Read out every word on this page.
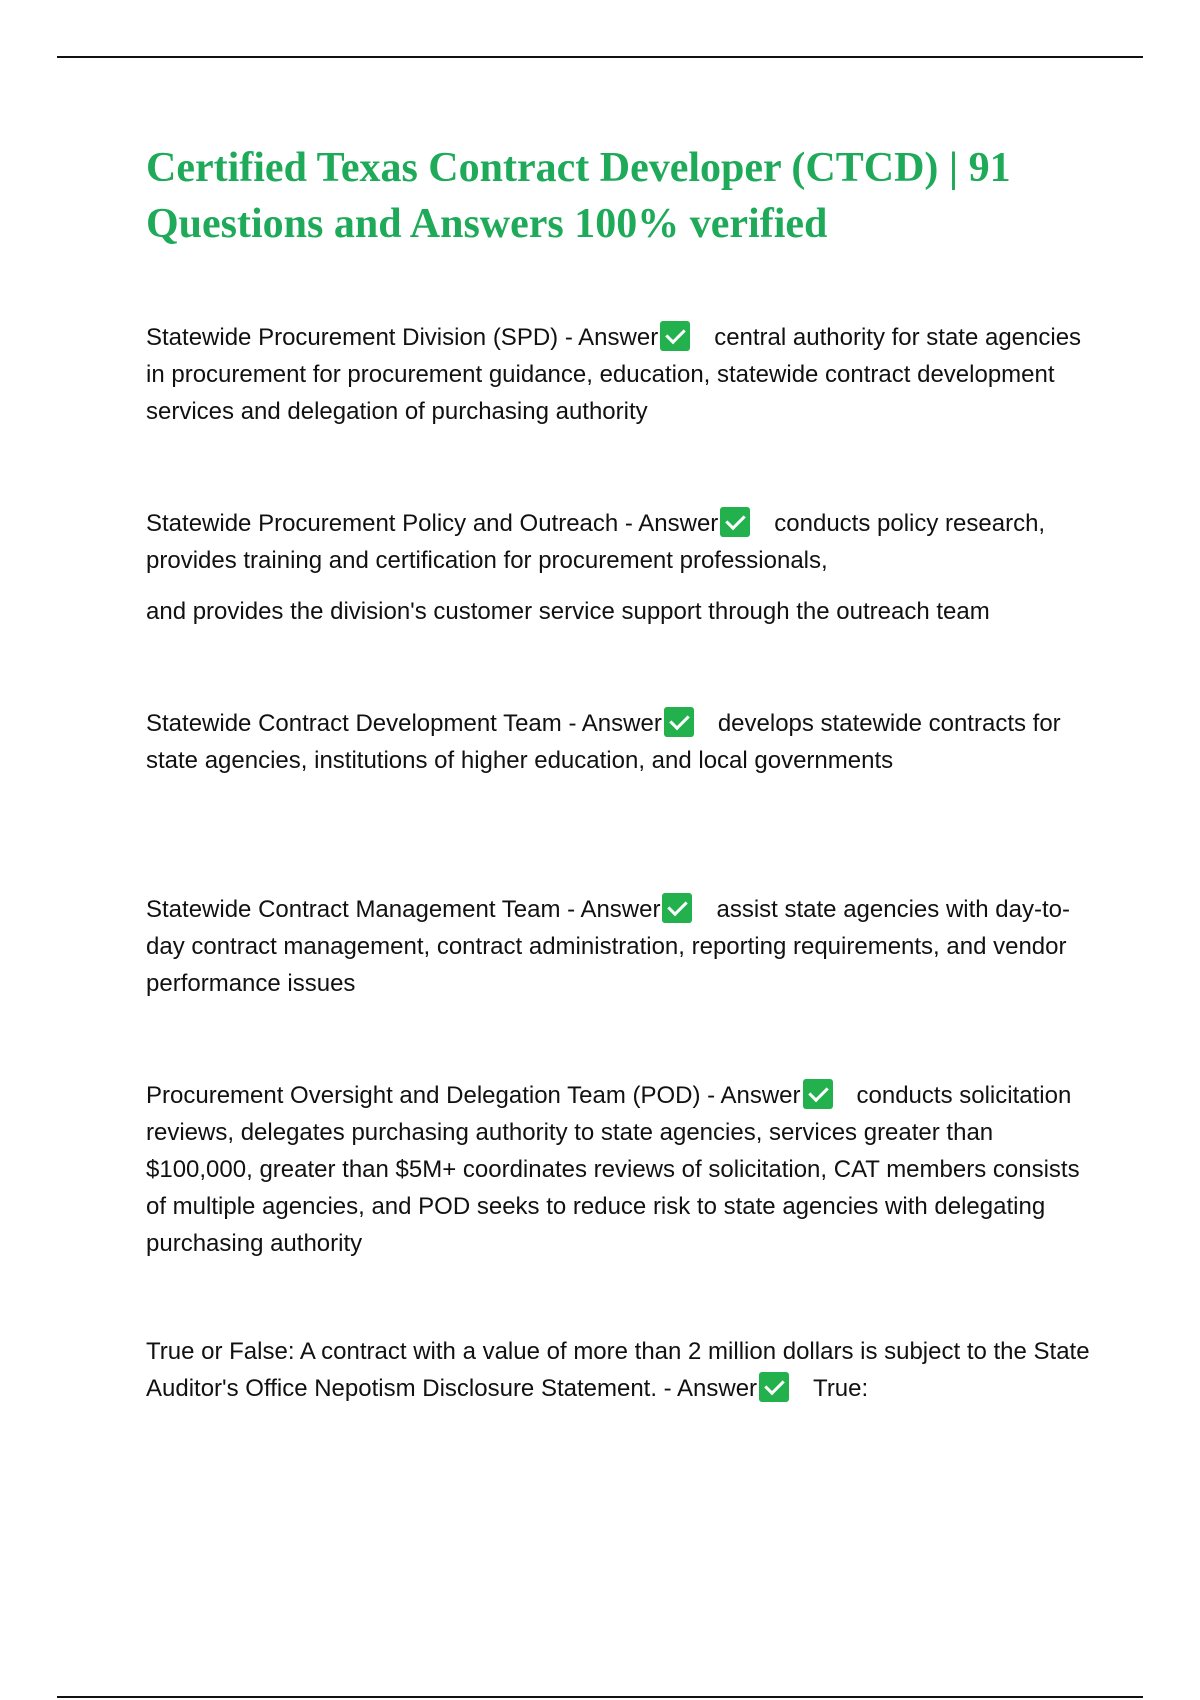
Certified Texas Contract Developer (CTCD) | 91 Questions and Answers 100% verified

Statewide Procurement Division (SPD) - Answer central authority for state agencies in procurement for procurement guidance, education, statewide contract development services and delegation of purchasing authority

Statewide Procurement Policy and Outreach - Answer conducts policy research, provides training and certification for procurement professionals,
and provides the division's customer service support through the outreach team

Statewide Contract Development Team - Answer develops statewide contracts for state agencies, institutions of higher education, and local governments

Statewide Contract Management Team - Answer assist state agencies with day-to-day contract management, contract administration, reporting requirements, and vendor performance issues

Procurement Oversight and Delegation Team (POD) - Answer conducts solicitation reviews, delegates purchasing authority to state agencies, services greater than $100,000, greater than $5M+ coordinates reviews of solicitation, CAT members consists of multiple agencies, and POD seeks to reduce risk to state agencies with delegating purchasing authority

True or False: A contract with a value of more than 2 million dollars is subject to the State Auditor's Office Nepotism Disclosure Statement. - Answer True:
